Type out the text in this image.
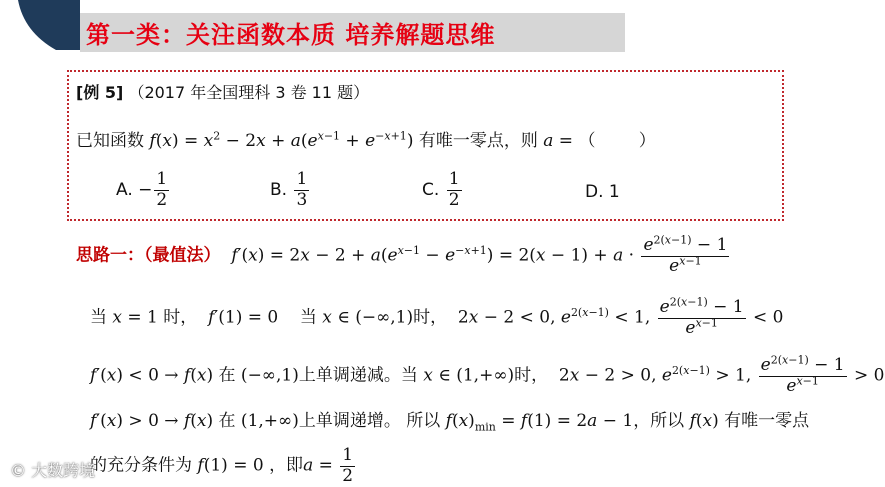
第一类：关注函数本质 培养解题思维
[例 5] （2017 年全国理科 3 卷 11 题）
已知函数 $f(x) = x^2 - 2x + a(e^{x-1} + e^{-x+1})$ 有唯一零点，则 a = （        ）
A. − $\frac{1}{2}$	B. $\frac{1}{3}$	C. $\frac{1}{2}$	D. 1
思路一：（最值法） $f'(x) = 2x - 2 + a(e^{x-1} - e^{-x+1}) = 2(x - 1) + a \cdot \frac{e^{2(x-1)} - 1}{e^{x-1}}$
当 x = 1 时， f′(1) = 0    当 x ∈ (−∞,1)时，  2x − 2 < 0, $e^{2(x-1)} < 1$, $\frac{e^{2(x-1)} - 1}{e^{x-1}} < 0$
f′(x) < 0 → f(x) 在 (−∞,1)上单调递减。当 x ∈ (1,+∞)时，  2x − 2 > 0, $e^{2(x-1)} > 1$, $\frac{e^{2(x-1)} - 1}{e^{x-1}} > 0$
f′(x) > 0 → f(x) 在 (1,+∞)上单调递增。 所以 $f(x)_{min} = f(1) = 2a - 1$，所以 f(x) 有唯一零点
的充分条件为 f(1) = 0 ，即$a = \frac{1}{2}$
© 大数跨境
